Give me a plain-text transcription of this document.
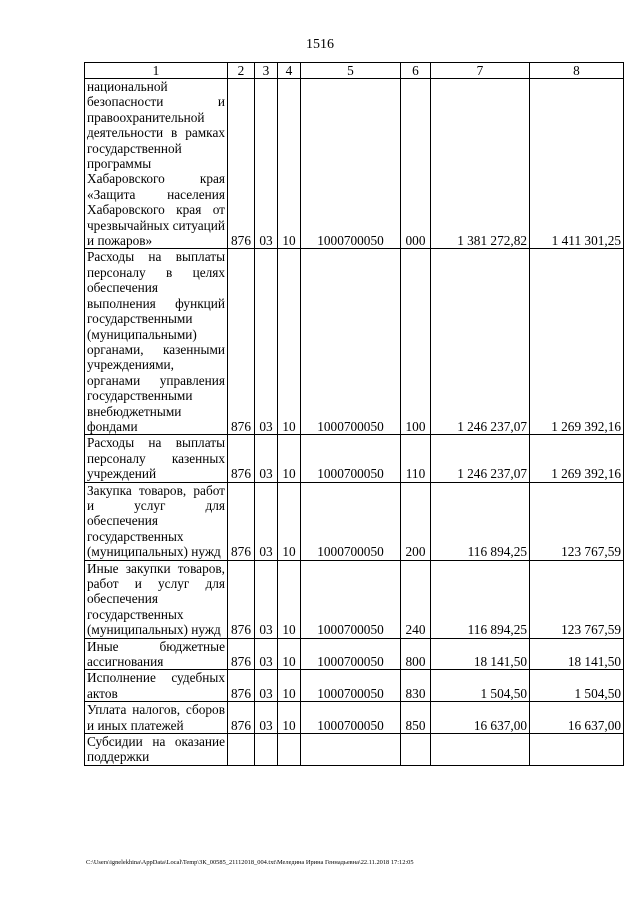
1516
1	2	3	4	5	6	7	8
национальной безопасности и правоохранительной деятельности в рамках государственной программы Хабаровского края «Защита населения Хабаровского края от чрезвычайных ситуаций и пожаров»	876	03	10	1000700050	000	1 381 272,82	1 411 301,25
Расходы на выплаты персоналу в целях обеспечения выполнения функций государственными (муниципальными) органами, казенными учреждениями, органами управления государственными внебюджетными фондами	876	03	10	1000700050	100	1 246 237,07	1 269 392,16
Расходы на выплаты персоналу казенных учреждений	876	03	10	1000700050	110	1 246 237,07	1 269 392,16
Закупка товаров, работ и услуг для обеспечения государственных (муниципальных) нужд	876	03	10	1000700050	200	116 894,25	123 767,59
Иные закупки товаров, работ и услуг для обеспечения государственных (муниципальных) нужд	876	03	10	1000700050	240	116 894,25	123 767,59
Иные бюджетные ассигнования	876	03	10	1000700050	800	18 141,50	18 141,50
Исполнение судебных актов	876	03	10	1000700050	830	1 504,50	1 504,50
Уплата налогов, сборов и иных платежей	876	03	10	1000700050	850	16 637,00	16 637,00
Субсидии на оказание поддержки							
C:\Users\ignelekhina\AppData\Local\Temp\ЗК_00585_21112018_004.txt\Меледина Ирина Геннадьевна\22.11.2018 17:12:05
